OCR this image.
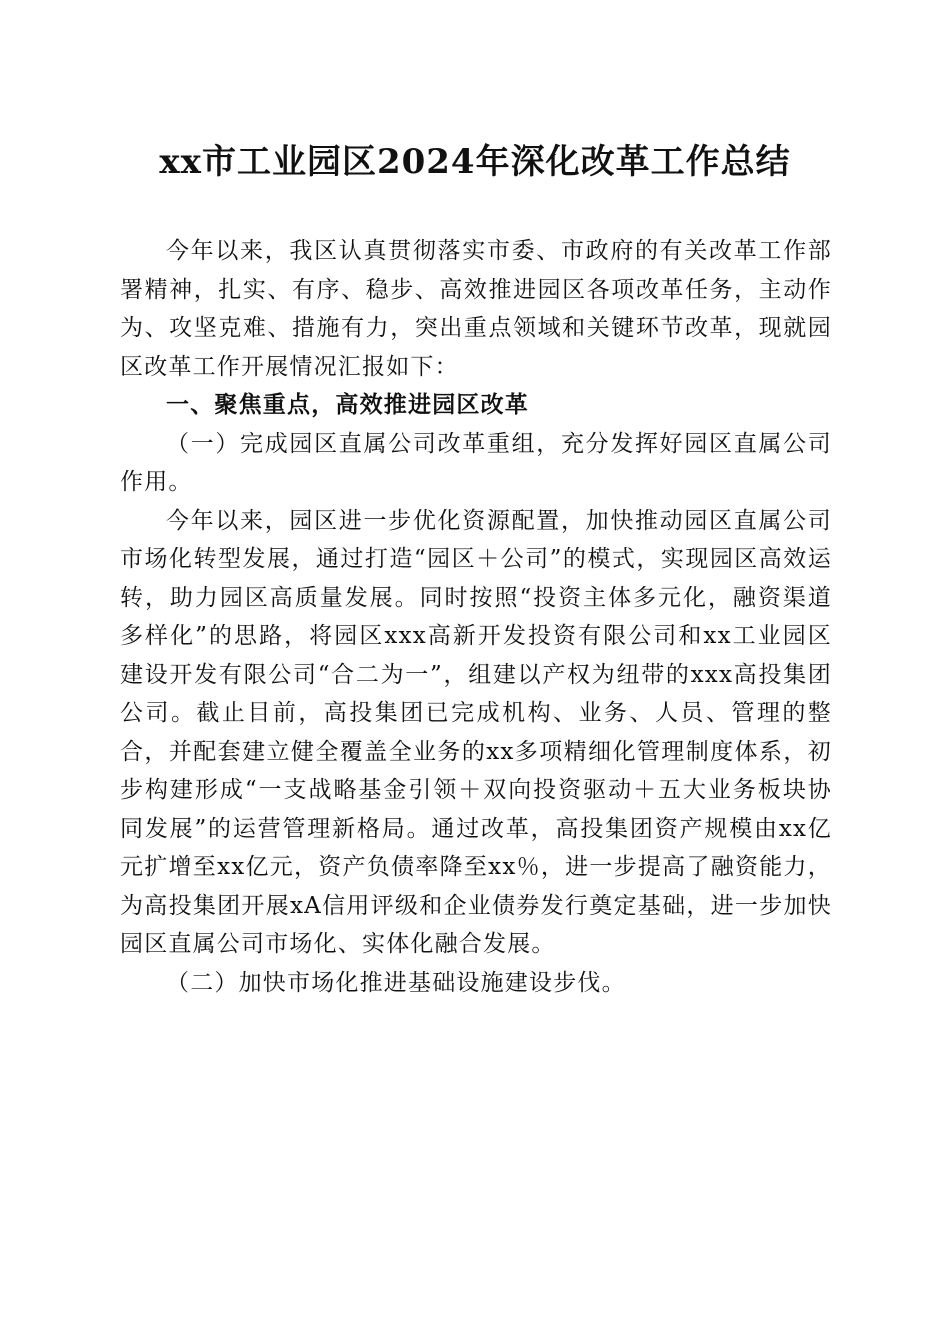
xx市工业园区2024年深化改革工作总结

今年以来，我区认真贯彻落实市委、市政府的有关改革工作部署精神，扎实、有序、稳步、高效推进园区各项改革任务，主动作为、攻坚克难、措施有力，突出重点领域和关键环节改革，现就园区改革工作开展情况汇报如下：

一、聚焦重点，高效推进园区改革

（一）完成园区直属公司改革重组，充分发挥好园区直属公司作用。

今年以来，园区进一步优化资源配置，加快推动园区直属公司市场化转型发展，通过打造“园区＋公司”的模式，实现园区高效运转，助力园区高质量发展。同时按照“投资主体多元化，融资渠道多样化”的思路，将园区xxx高新开发投资有限公司和xx工业园区建设开发有限公司“合二为一”，组建以产权为纽带的xxx高投集团公司。截止目前，高投集团已完成机构、业务、人员、管理的整合，并配套建立健全覆盖全业务的xx多项精细化管理制度体系，初步构建形成“一支战略基金引领＋双向投资驱动＋五大业务板块协同发展”的运营管理新格局。通过改革，高投集团资产规模由xx亿元扩增至xx亿元，资产负债率降至xx％，进一步提高了融资能力，为高投集团开展xA信用评级和企业债券发行奠定基础，进一步加快园区直属公司市场化、实体化融合发展。

（二）加快市场化推进基础设施建设步伐。
